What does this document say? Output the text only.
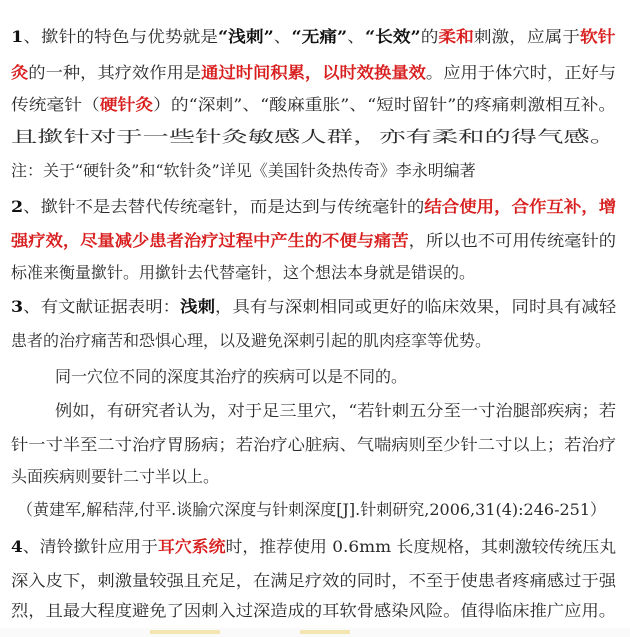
1、撳针的特色与优势就是“浅刺”、“无痛”、“长效”的柔和刺激，应属于软针
灸的一种，其疗效作用是通过时间积累，以时效换量效。应用于体穴时，正好与
传统毫针（硬针灸）的“深刺”、“酸麻重胀”、“短时留针”的疼痛刺激相互补。
且撳针对于一些针灸敏感人群，亦有柔和的得气感。
注：关于“硬针灸”和“软针灸”详见《美国针灸热传奇》李永明编著
2、撳针不是去替代传统毫针，而是达到与传统毫针的结合使用，合作互补，增
强疗效，尽量减少患者治疗过程中产生的不便与痛苦，所以也不可用传统毫针的
标准来衡量撳针。用撳针去代替毫针，这个想法本身就是错误的。
3、有文献证据表明：浅刺，具有与深刺相同或更好的临床效果，同时具有减轻
患者的治疗痛苦和恐惧心理，以及避免深刺引起的肌肉痉挛等优势。
同一穴位不同的深度其治疗的疾病可以是不同的。
例如，有研究者认为，对于足三里穴，“若针刺五分至一寸治腿部疾病；若
针一寸半至二寸治疗胃肠病；若治疗心脏病、气喘病则至少针二寸以上；若治疗
头面疾病则要针二寸半以上。
（黄建军,解秸萍,付平.谈腧穴深度与针刺深度[J].针刺研究,2006,31(4):246-251）
4、清铃撳针应用于耳穴系统时，推荐使用 0.6mm 长度规格，其刺激较传统压丸
深入皮下，刺激量较强且充足，在满足疗效的同时，不至于使患者疼痛感过于强
烈，且最大程度避免了因刺入过深造成的耳软骨感染风险。值得临床推广应用。
